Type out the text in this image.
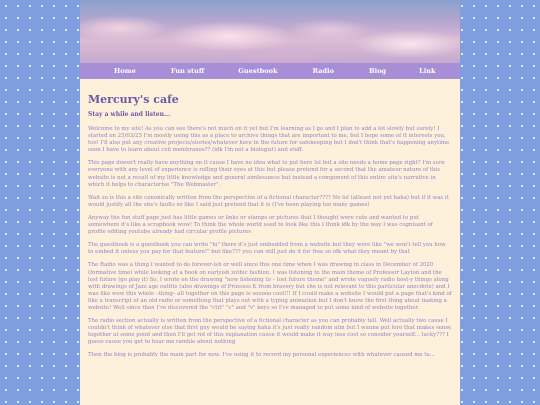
Home	Fun stuff	Guestbook	Radio	Blog	Link
Mercury's cafe
Stay a while and listen...

Welcome to my site! As you can see there's not much on it yet but I'm learning as I go and I plan to add a lot slowly but surely! I started on 25/03/25 I'm mostly using this as a place to archive things that are important to me, but I hope some of it interests you, too! I'll also put any creative projects/stories/whatever here in the future for safekeeping but I don't think that's happening anytime soon I have to learn about cell membranes?? (idk I'm not a biologist) and stuff.

This page doesn't really have anything on it cause I have no idea what to put here lol but a site needs a home page right? I'm sure everyone with any level of experience is rolling their eyes at this but please pretend for a second that the amateur nature of this website is not a result of my little knowledge and general aimlessness but instead a component of this entire site's narrative in which it helps to characterise "The Webmaster".

Wait so is this a site canonically written from the perspective of a fictional character???? No lol (atleast not yet haha) but if it was it would justify all the site's faults so like I said just pretend that it is (I've been playing too many games)

Anyway the fun stuff page just has little games or links or stamps or pictures that I thought were cute and wanted to put somewhere it's like a scrapbook wow! To think the whole world used to look like this I think idk by the way I was cognisant of profile editing youtube already had circular profile pictures

The guestbook is a guestbook you can write "hi" there it's just embedded from a website but they were like "we won't tell you how to embed it unless you pay for that feature!" but like??? you can still just do it for free so idk what they meant by that

The Radio was a thing I wanted to do forever-ish or well since this one time when I was drawing in class in December of 2020 (formative time) while looking at a book on earlyish zothic fashion. I was listening to the main theme of Professor Layton and the lost future (go play it) So, I wrote on the drawing "now listening to – lost future theme" and wrote vaguely radio host-y things along with drawings of Jazz age outfits (also drawings of Princess K from bravery but she is not relevant to this particular anecdote) and I was like wow this whole –thing– all together on this page is sooooo cool!!! If I could make a website I would put a page that's kind of like a transcript of an old radio or something that plays out with a typing animation but I don't know the first thing about making a website! Well since then I've discovered the "ctrl" "c" and "v" keys so I've managed to put some kind of website together.

The radio section actually is written from the perspective of a fictional character as you can probably tell. Well actually two cause I couldn't think of whatever else that first guy would be saying haha it's just really random atm but I wanna put lore that makes sense together at some point and then I'll get rid of this explanation cause it would make it way less cool so consider yourself... lucky??? I guess cause you get to hear me ramble about nothing

Then the blog is probably the main part for now. I've using it to record my personal experiences with whatever caused me to...
